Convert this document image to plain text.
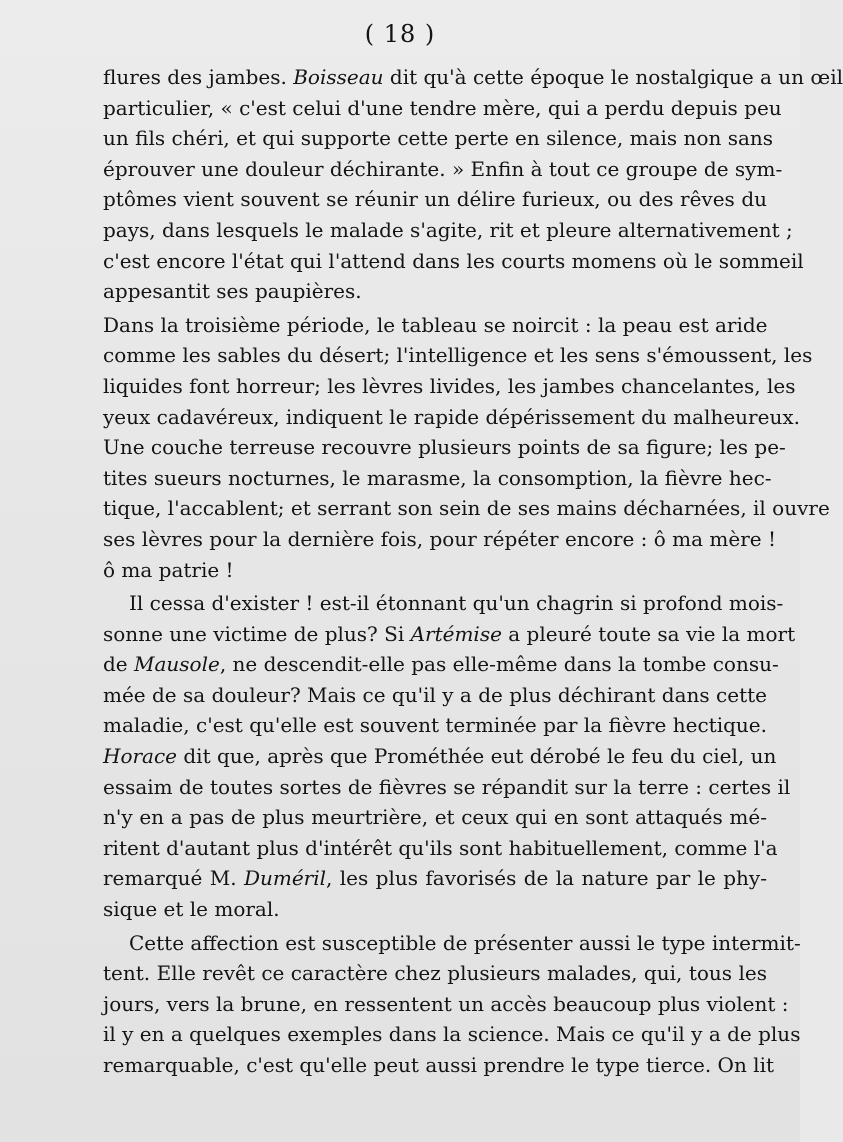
( 18 )
flures des jambes. Boisseau dit qu'à cette époque le nostalgique a un œil
particulier, « c'est celui d'une tendre mère, qui a perdu depuis peu
un fils chéri, et qui supporte cette perte en silence, mais non sans
éprouver une douleur déchirante. » Enfin à tout ce groupe de sym-
ptômes vient souvent se réunir un délire furieux, ou des rêves du
pays, dans lesquels le malade s'agite, rit et pleure alternativement ;
c'est encore l'état qui l'attend dans les courts momens où le sommeil
appesantit ses paupières.
Dans la troisième période, le tableau se noircit : la peau est aride
comme les sables du désert; l'intelligence et les sens s'émoussent, les
liquides font horreur; les lèvres livides, les jambes chancelantes, les
yeux cadavéreux, indiquent le rapide dépérissement du malheureux.
Une couche terreuse recouvre plusieurs points de sa figure; les pe-
tites sueurs nocturnes, le marasme, la consomption, la fièvre hec-
tique, l'accablent; et serrant son sein de ses mains décharnées, il ouvre
ses lèvres pour la dernière fois, pour répéter encore : ô ma mère !
ô ma patrie !
Il cessa d'exister ! est-il étonnant qu'un chagrin si profond mois-
sonne une victime de plus? Si Artémise a pleuré toute sa vie la mort
de Mausole, ne descendit-elle pas elle-même dans la tombe consu-
mée de sa douleur? Mais ce qu'il y a de plus déchirant dans cette
maladie, c'est qu'elle est souvent terminée par la fièvre hectique.
Horace dit que, après que Prométhée eut dérobé le feu du ciel, un
essaim de toutes sortes de fièvres se répandit sur la terre : certes il
n'y en a pas de plus meurtrière, et ceux qui en sont attaqués mé-
ritent d'autant plus d'intérêt qu'ils sont habituellement, comme l'a
remarqué M. Duméril, les plus favorisés de la nature par le phy-
sique et le moral.
Cette affection est susceptible de présenter aussi le type intermit-
tent. Elle revêt ce caractère chez plusieurs malades, qui, tous les
jours, vers la brune, en ressentent un accès beaucoup plus violent :
il y en a quelques exemples dans la science. Mais ce qu'il y a de plus
remarquable, c'est qu'elle peut aussi prendre le type tierce. On lit
